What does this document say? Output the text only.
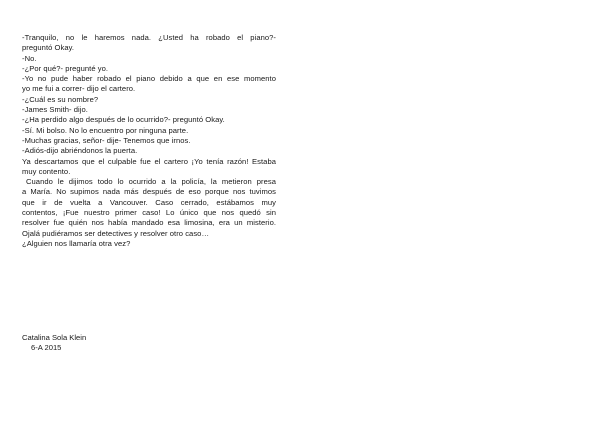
-Tranquilo, no le haremos nada. ¿Usted ha robado el piano?-
preguntó Okay.
-No.
-¿Por qué?- pregunté yo.
-Yo no pude haber robado el piano debido a que en ese momento
yo me fui a correr- dijo el cartero.
-¿Cuál es su nombre?
-James Smith- dijo.
-¿Ha perdido algo después de lo ocurrido?- preguntó Okay.
-Sí. Mi bolso. No lo encuentro por ninguna parte.
-Muchas gracias, señor- dije- Tenemos que irnos.
-Adiós-dijo abriéndonos la puerta.
Ya descartamos que el culpable fue el cartero ¡Yo tenía razón! Estaba
muy contento.
Cuando le dijimos todo lo ocurrido a la policía, la metieron presa
a María. No supimos nada más después de eso porque nos tuvimos
que ir de vuelta a Vancouver. Caso cerrado, estábamos muy
contentos, ¡Fue nuestro primer caso! Lo único que nos quedó sin
resolver fue quién nos había mandado esa limosina, era un misterio.
Ojalá pudiéramos ser detectives y resolver otro caso…
¿Alguien nos llamaría otra vez?
Catalina Sola Klein
6-A 2015
